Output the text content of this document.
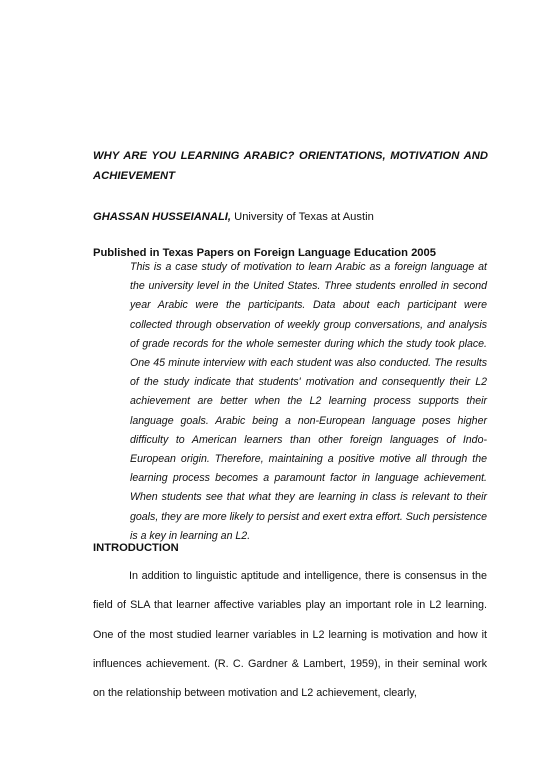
WHY ARE YOU LEARNING ARABIC? ORIENTATIONS, MOTIVATION AND ACHIEVEMENT
GHASSAN HUSSEIANALI, University of Texas at Austin
Published in Texas Papers on Foreign Language Education 2005
This is a case study of motivation to learn Arabic as a foreign language at the university level in the United States. Three students enrolled in second year Arabic were the participants. Data about each participant were collected through observation of weekly group conversations, and analysis of grade records for the whole semester during which the study took place. One 45 minute interview with each student was also conducted. The results of the study indicate that students' motivation and consequently their L2 achievement are better when the L2 learning process supports their language goals. Arabic being a non-European language poses higher difficulty to American learners than other foreign languages of Indo-European origin. Therefore, maintaining a positive motive all through the learning process becomes a paramount factor in language achievement. When students see that what they are learning in class is relevant to their goals, they are more likely to persist and exert extra effort. Such persistence is a key in learning an L2.
INTRODUCTION
In addition to linguistic aptitude and intelligence, there is consensus in the field of SLA that learner affective variables play an important role in L2 learning. One of the most studied learner variables in L2 learning is motivation and how it influences achievement. (R. C. Gardner & Lambert, 1959), in their seminal work on the relationship between motivation and L2 achievement, clearly,
